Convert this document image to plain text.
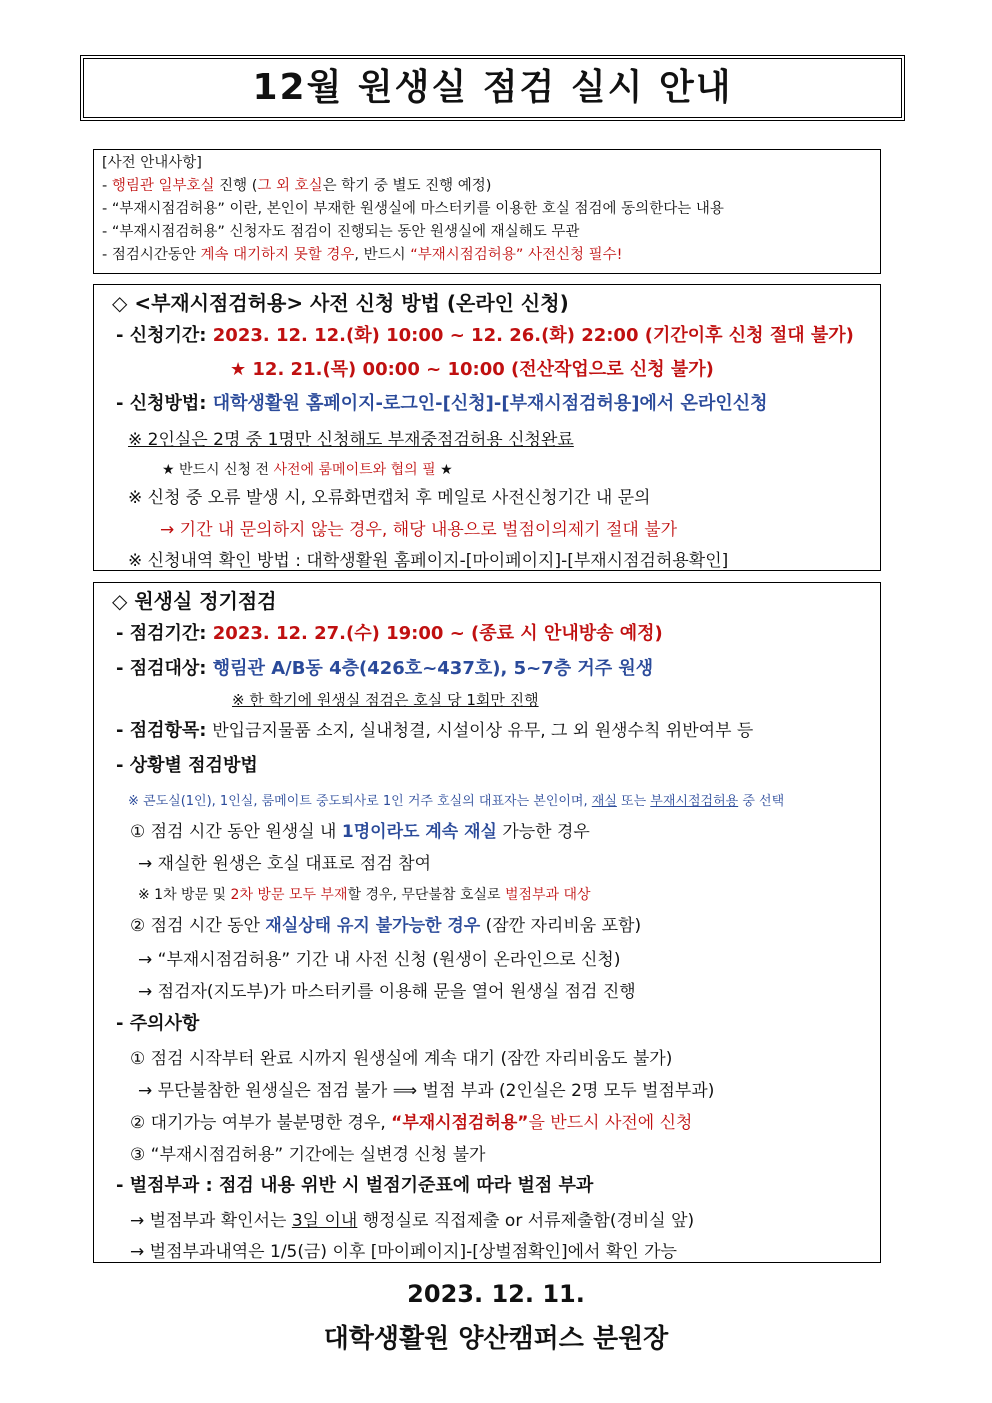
12월 원생실 점검 실시 안내
[사전 안내사항]
- 행림관 일부호실 진행 (그 외 호실은 학기 중 별도 진행 예정)
- “부재시점검허용” 이란, 본인이 부재한 원생실에 마스터키를 이용한 호실 점검에 동의한다는 내용
- “부재시점검허용” 신청자도 점검이 진행되는 동안 원생실에 재실해도 무관
- 점검시간동안 계속 대기하지 못할 경우, 반드시 “부재시점검허용” 사전신청 필수!
◇ <부재시점검허용> 사전 신청 방법 (온라인 신청)
- 신청기간: 2023. 12. 12.(화) 10:00 ~ 12. 26.(화) 22:00 (기간이후 신청 절대 불가)
★ 12. 21.(목) 00:00 ~ 10:00 (전산작업으로 신청 불가)
- 신청방법: 대학생활원 홈페이지-로그인-[신청]-[부재시점검허용]에서 온라인신청
※ 2인실은 2명 중 1명만 신청해도 부재중점검허용 신청완료
★ 반드시 신청 전 사전에 룸메이트와 협의 필 ★
※ 신청 중 오류 발생 시, 오류화면캡처 후 메일로 사전신청기간 내 문의
→ 기간 내 문의하지 않는 경우, 해당 내용으로 벌점이의제기 절대 불가
※ 신청내역 확인 방법 : 대학생활원 홈페이지-[마이페이지]-[부재시점검허용확인]
◇ 원생실 정기점검
- 점검기간: 2023. 12. 27.(수) 19:00 ~ (종료 시 안내방송 예정)
- 점검대상: 행림관 A/B동 4층(426호~437호), 5~7층 거주 원생
※ 한 학기에 원생실 점검은 호실 당 1회만 진행
- 점검항목: 반입금지물품 소지, 실내청결, 시설이상 유무, 그 외 원생수칙 위반여부 등
- 상황별 점검방법
※ 콘도실(1인), 1인실, 룸메이트 중도퇴사로 1인 거주 호실의 대표자는 본인이며, 재실 또는 부재시점검허용 중 선택
① 점검 시간 동안 원생실 내 1명이라도 계속 재실 가능한 경우
→ 재실한 원생은 호실 대표로 점검 참여
※ 1차 방문 및 2차 방문 모두 부재할 경우, 무단불참 호실로 벌점부과 대상
② 점검 시간 동안 재실상태 유지 불가능한 경우 (잠깐 자리비움 포함)
→ “부재시점검허용” 기간 내 사전 신청 (원생이 온라인으로 신청)
→ 점검자(지도부)가 마스터키를 이용해 문을 열어 원생실 점검 진행
- 주의사항
① 점검 시작부터 완료 시까지 원생실에 계속 대기 (잠깐 자리비움도 불가)
→ 무단불참한 원생실은 점검 불가 ⟹ 벌점 부과 (2인실은 2명 모두 벌점부과)
② 대기가능 여부가 불분명한 경우, “부재시점검허용”을 반드시 사전에 신청
③ “부재시점검허용” 기간에는 실변경 신청 불가
- 벌점부과 : 점검 내용 위반 시 벌점기준표에 따라 벌점 부과
→ 벌점부과 확인서는 3일 이내 행정실로 직접제출 or 서류제출함(경비실 앞)
→ 벌점부과내역은 1/5(금) 이후 [마이페이지]-[상벌점확인]에서 확인 가능
2023. 12. 11.
대학생활원 양산캠퍼스 분원장
